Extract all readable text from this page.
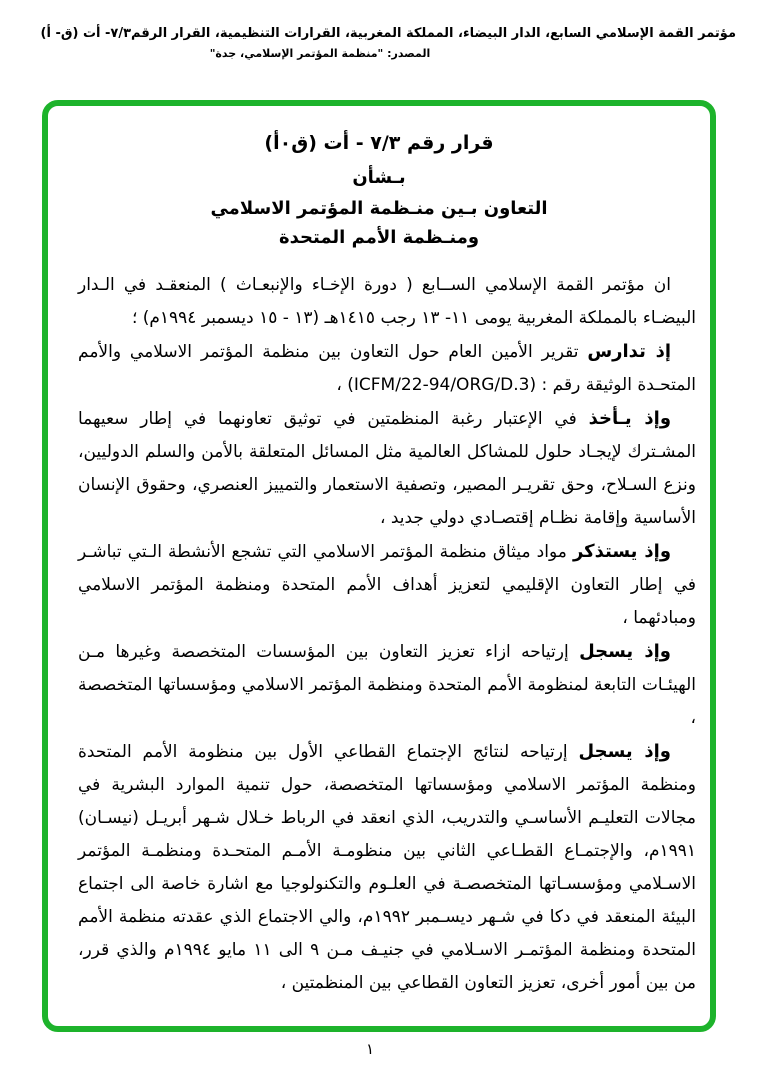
مؤتمر القمة الإسلامي السابع، الدار البيضاء، المملكة المغربية، القرارات التنظيمية، القرار الرقم٧/٣- أت (ق- أ)
المصدر: "منظمة المؤتمر الإسلامي، جدة"
قرار رقم ٧/٣ - أت (ق٠أ)
بـشأن
التعاون بـين منـظمة المؤتمر الاسلامي
ومنـظمة الأمم المتحدة

ان مؤتمر القمة الإسلامي الســابع ( دورة الإخـاء والإنبعـاث ) المنعقـد في الـدار البيضـاء بالمملكة المغربية يومى ١١- ١٣ رجب ١٤١٥هـ (١٣ - ١٥ ديسمبر ١٩٩٤م) ؛

إذ تدارس تقرير الأمين العام حول التعاون بين منظمة المؤتمر الاسلامي والأمم المتحـدة الوثيقة رقم : (ICFM/22-94/ORG/D.3) ،

وإذ يـأخذ في الإعتبار رغبة المنظمتين في توثيق تعاونهما في إطار سعيهما المشـترك لإيجـاد حلول للمشاكل العالمية مثل المسائل المتعلقة بالأمن والسلم الدوليين، ونزع السـلاح، وحق تقريـر المصير، وتصفية الاستعمار والتمييز العنصري، وحقوق الإنسان الأساسية وإقامة نظـام إقتصـادي دولي جديد ،

وإذ يستذكر مواد ميثاق منظمة المؤتمر الاسلامي التي تشجع الأنشطة الـتي تباشـر في إطار التعاون الإقليمي لتعزيز أهداف الأمم المتحدة ومنظمة المؤتمر الاسلامي ومبادئهما ،

وإذ يسجل إرتياحه ازاء تعزيز التعاون بين المؤسسات المتخصصة وغيرها مـن الهيئـات التابعة لمنظومة الأمم المتحدة ومنظمة المؤتمر الاسلامي ومؤسساتها المتخصصة ،

وإذ يسجل إرتياحه لنتائج الإجتماع القطاعي الأول بين منظومة الأمم المتحدة ومنظمة المؤتمر الاسلامي ومؤسساتها المتخصصة، حول تنمية الموارد البشرية في مجالات التعليـم الأساسـي والتدريب، الذي انعقد في الرباط خـلال شـهر أبريـل (نيسـان) ١٩٩١م، والإجتمـاع القطـاعي الثاني بين منظومـة الأمـم المتحـدة ومنظمـة المؤتمر الاسـلامي ومؤسسـاتها المتخصصـة في العلـوم والتكنولوجيا مع اشارة خاصة الى اجتماع البيئة المنعقد في دكا في شـهر ديسـمبر ١٩٩٢م، والي الاجتماع الذي عقدته منظمة الأمم المتحدة ومنظمة المؤتمـر الاسـلامي في جنيـف مـن ٩ الى ١١ مايو ١٩٩٤م والذي قرر، من بين أمور أخرى، تعزيز التعاون القطاعي بين المنظمتين ،

١
